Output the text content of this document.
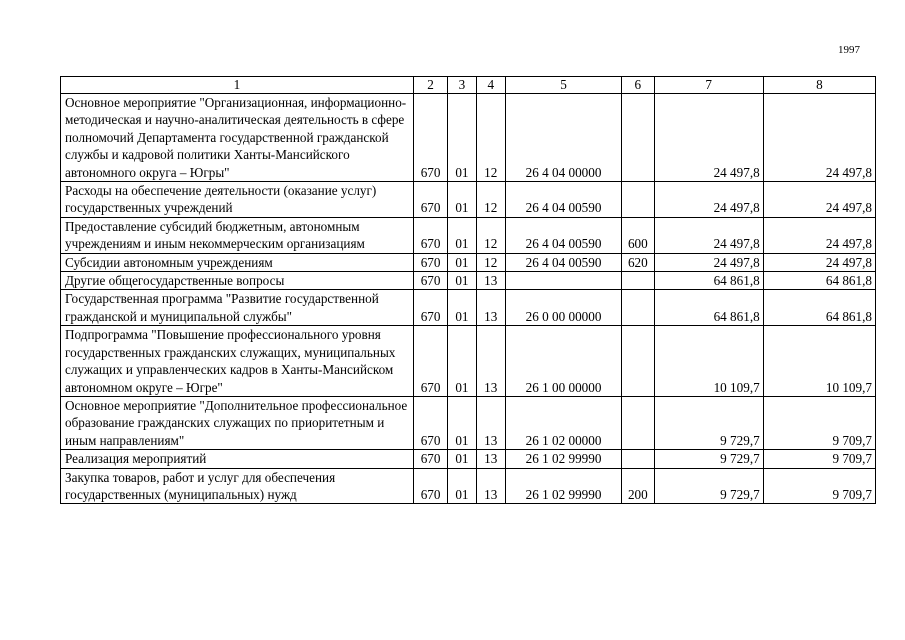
1997
1	2	3	4	5	6	7	8
Основное мероприятие "Организационная, информационно-методическая и научно-аналитическая деятельность в сфере полномочий Департамента государственной гражданской службы и кадровой политики Ханты-Мансийского автономного округа – Югры"	670	01	12	26 4 04 00000		24 497,8	24 497,8
Расходы на обеспечение деятельности (оказание услуг) государственных учреждений	670	01	12	26 4 04 00590		24 497,8	24 497,8
Предоставление субсидий бюджетным, автономным учреждениям и иным некоммерческим организациям	670	01	12	26 4 04 00590	600	24 497,8	24 497,8
Субсидии автономным учреждениям	670	01	12	26 4 04 00590	620	24 497,8	24 497,8
Другие общегосударственные вопросы	670	01	13			64 861,8	64 861,8
Государственная программа "Развитие государственной гражданской и муниципальной службы"	670	01	13	26 0 00 00000		64 861,8	64 861,8
Подпрограмма "Повышение профессионального уровня государственных гражданских служащих, муниципальных служащих и управленческих кадров в Ханты-Мансийском автономном округе – Югре"	670	01	13	26 1 00 00000		10 109,7	10 109,7
Основное мероприятие "Дополнительное профессиональное образование гражданских служащих по приоритетным и иным направлениям"	670	01	13	26 1 02 00000		9 729,7	9 709,7
Реализация мероприятий	670	01	13	26 1 02 99990		9 729,7	9 709,7
Закупка товаров, работ и услуг для обеспечения государственных (муниципальных) нужд	670	01	13	26 1 02 99990	200	9 729,7	9 709,7
